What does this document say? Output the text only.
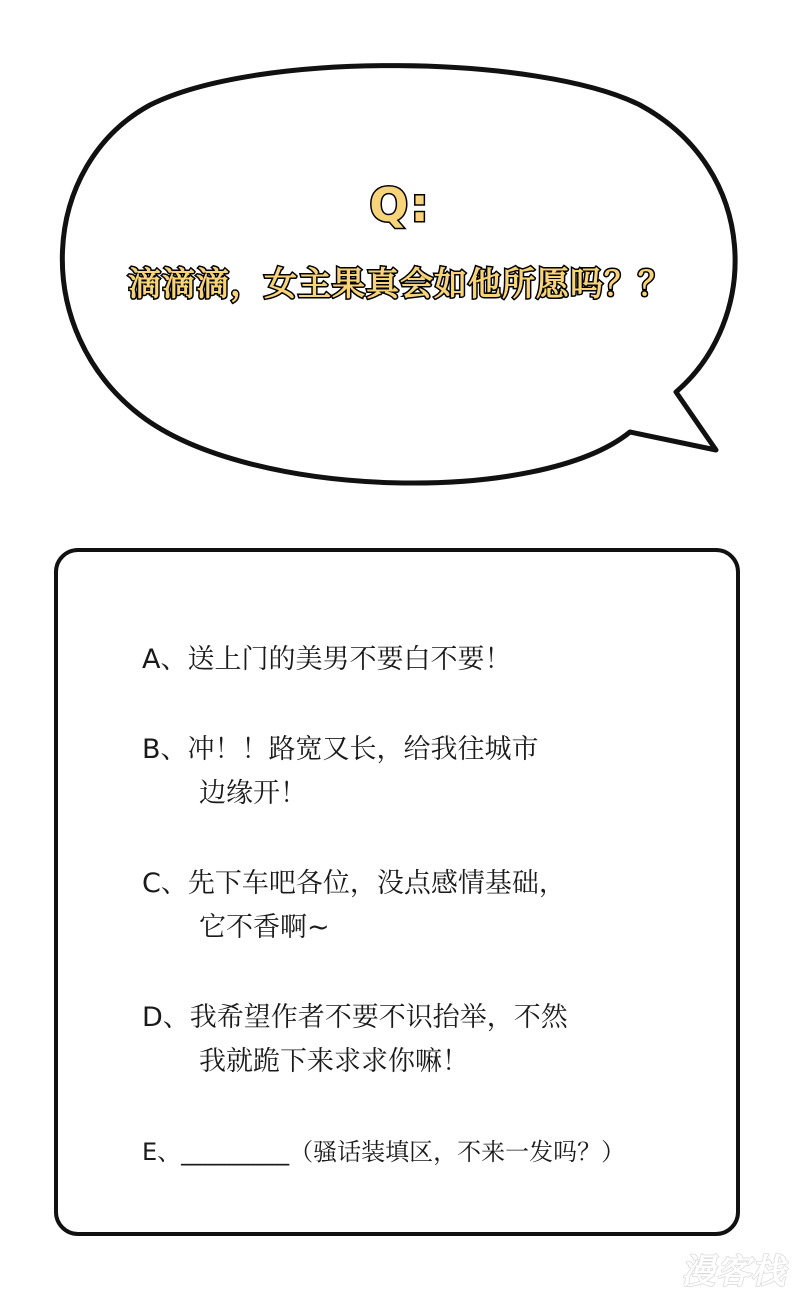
Q:
滴滴滴，女主果真会如他所愿吗？？
A、送上门的美男不要白不要！
B、冲！！路宽又长，给我往城市
边缘开！
C、先下车吧各位，没点感情基础，
它不香啊~
D、我希望作者不要不识抬举，不然
我就跪下来求求你嘛！
E、_________（骚话装填区，不来一发吗？）
漫客栈
